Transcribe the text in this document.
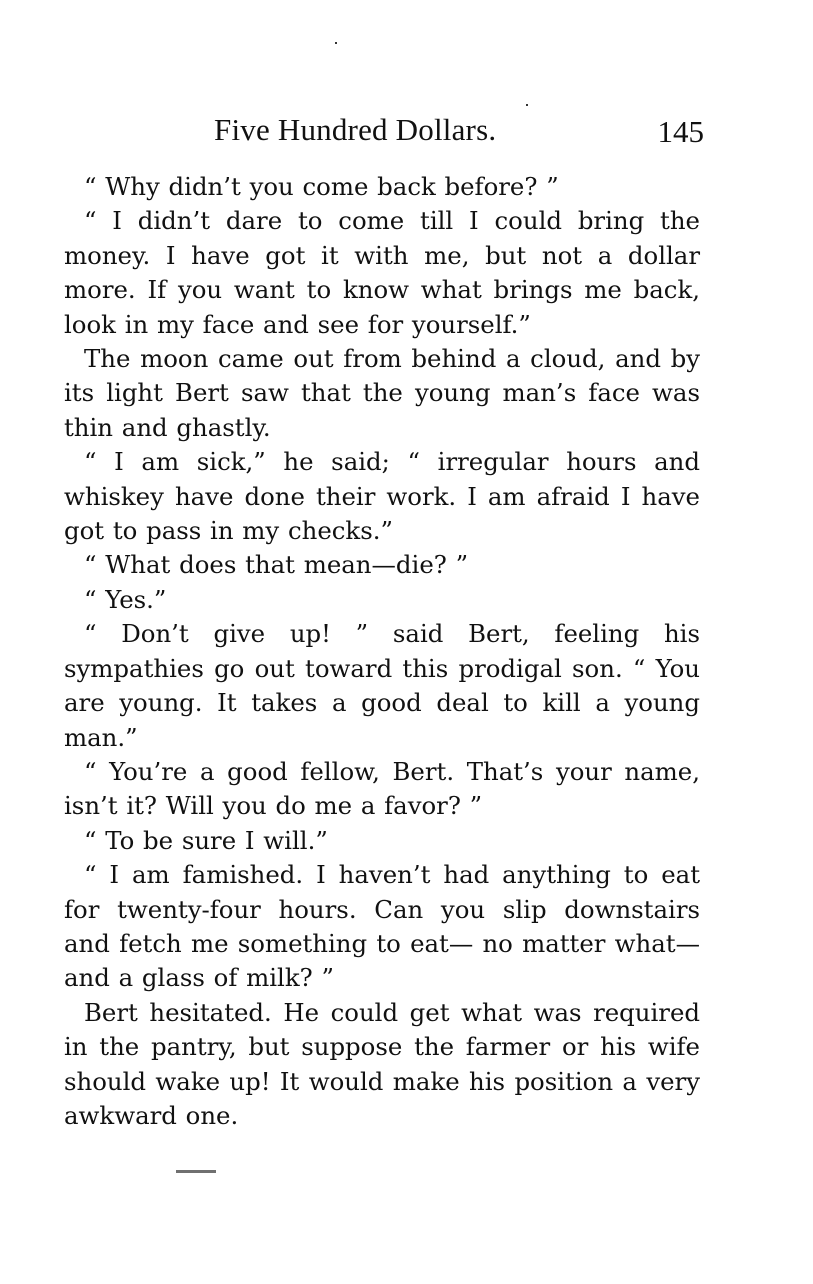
Five Hundred Dollars.	145

“ Why didn’t you come back before? ”

“ I didn’t dare to come till I could bring the money. I have got it with me, but not a dollar more. If you want to know what brings me back, look in my face and see for yourself.”

The moon came out from behind a cloud, and by its light Bert saw that the young man’s face was thin and ghastly.

“ I am sick,” he said; “ irregular hours and whiskey have done their work. I am afraid I have got to pass in my checks.”

“ What does that mean—die? ”

“ Yes.”

“ Don’t give up! ” said Bert, feeling his sympathies go out toward this prodigal son. “ You are young. It takes a good deal to kill a young man.”

“ You’re a good fellow, Bert. That’s your name, isn’t it? Will you do me a favor? ”

“ To be sure I will.”

“ I am famished. I haven’t had anything to eat for twenty-four hours. Can you slip downstairs and fetch me something to eat— no matter what—and a glass of milk? ”

Bert hesitated. He could get what was required in the pantry, but suppose the farmer or his wife should wake up! It would make his position a very awkward one.
